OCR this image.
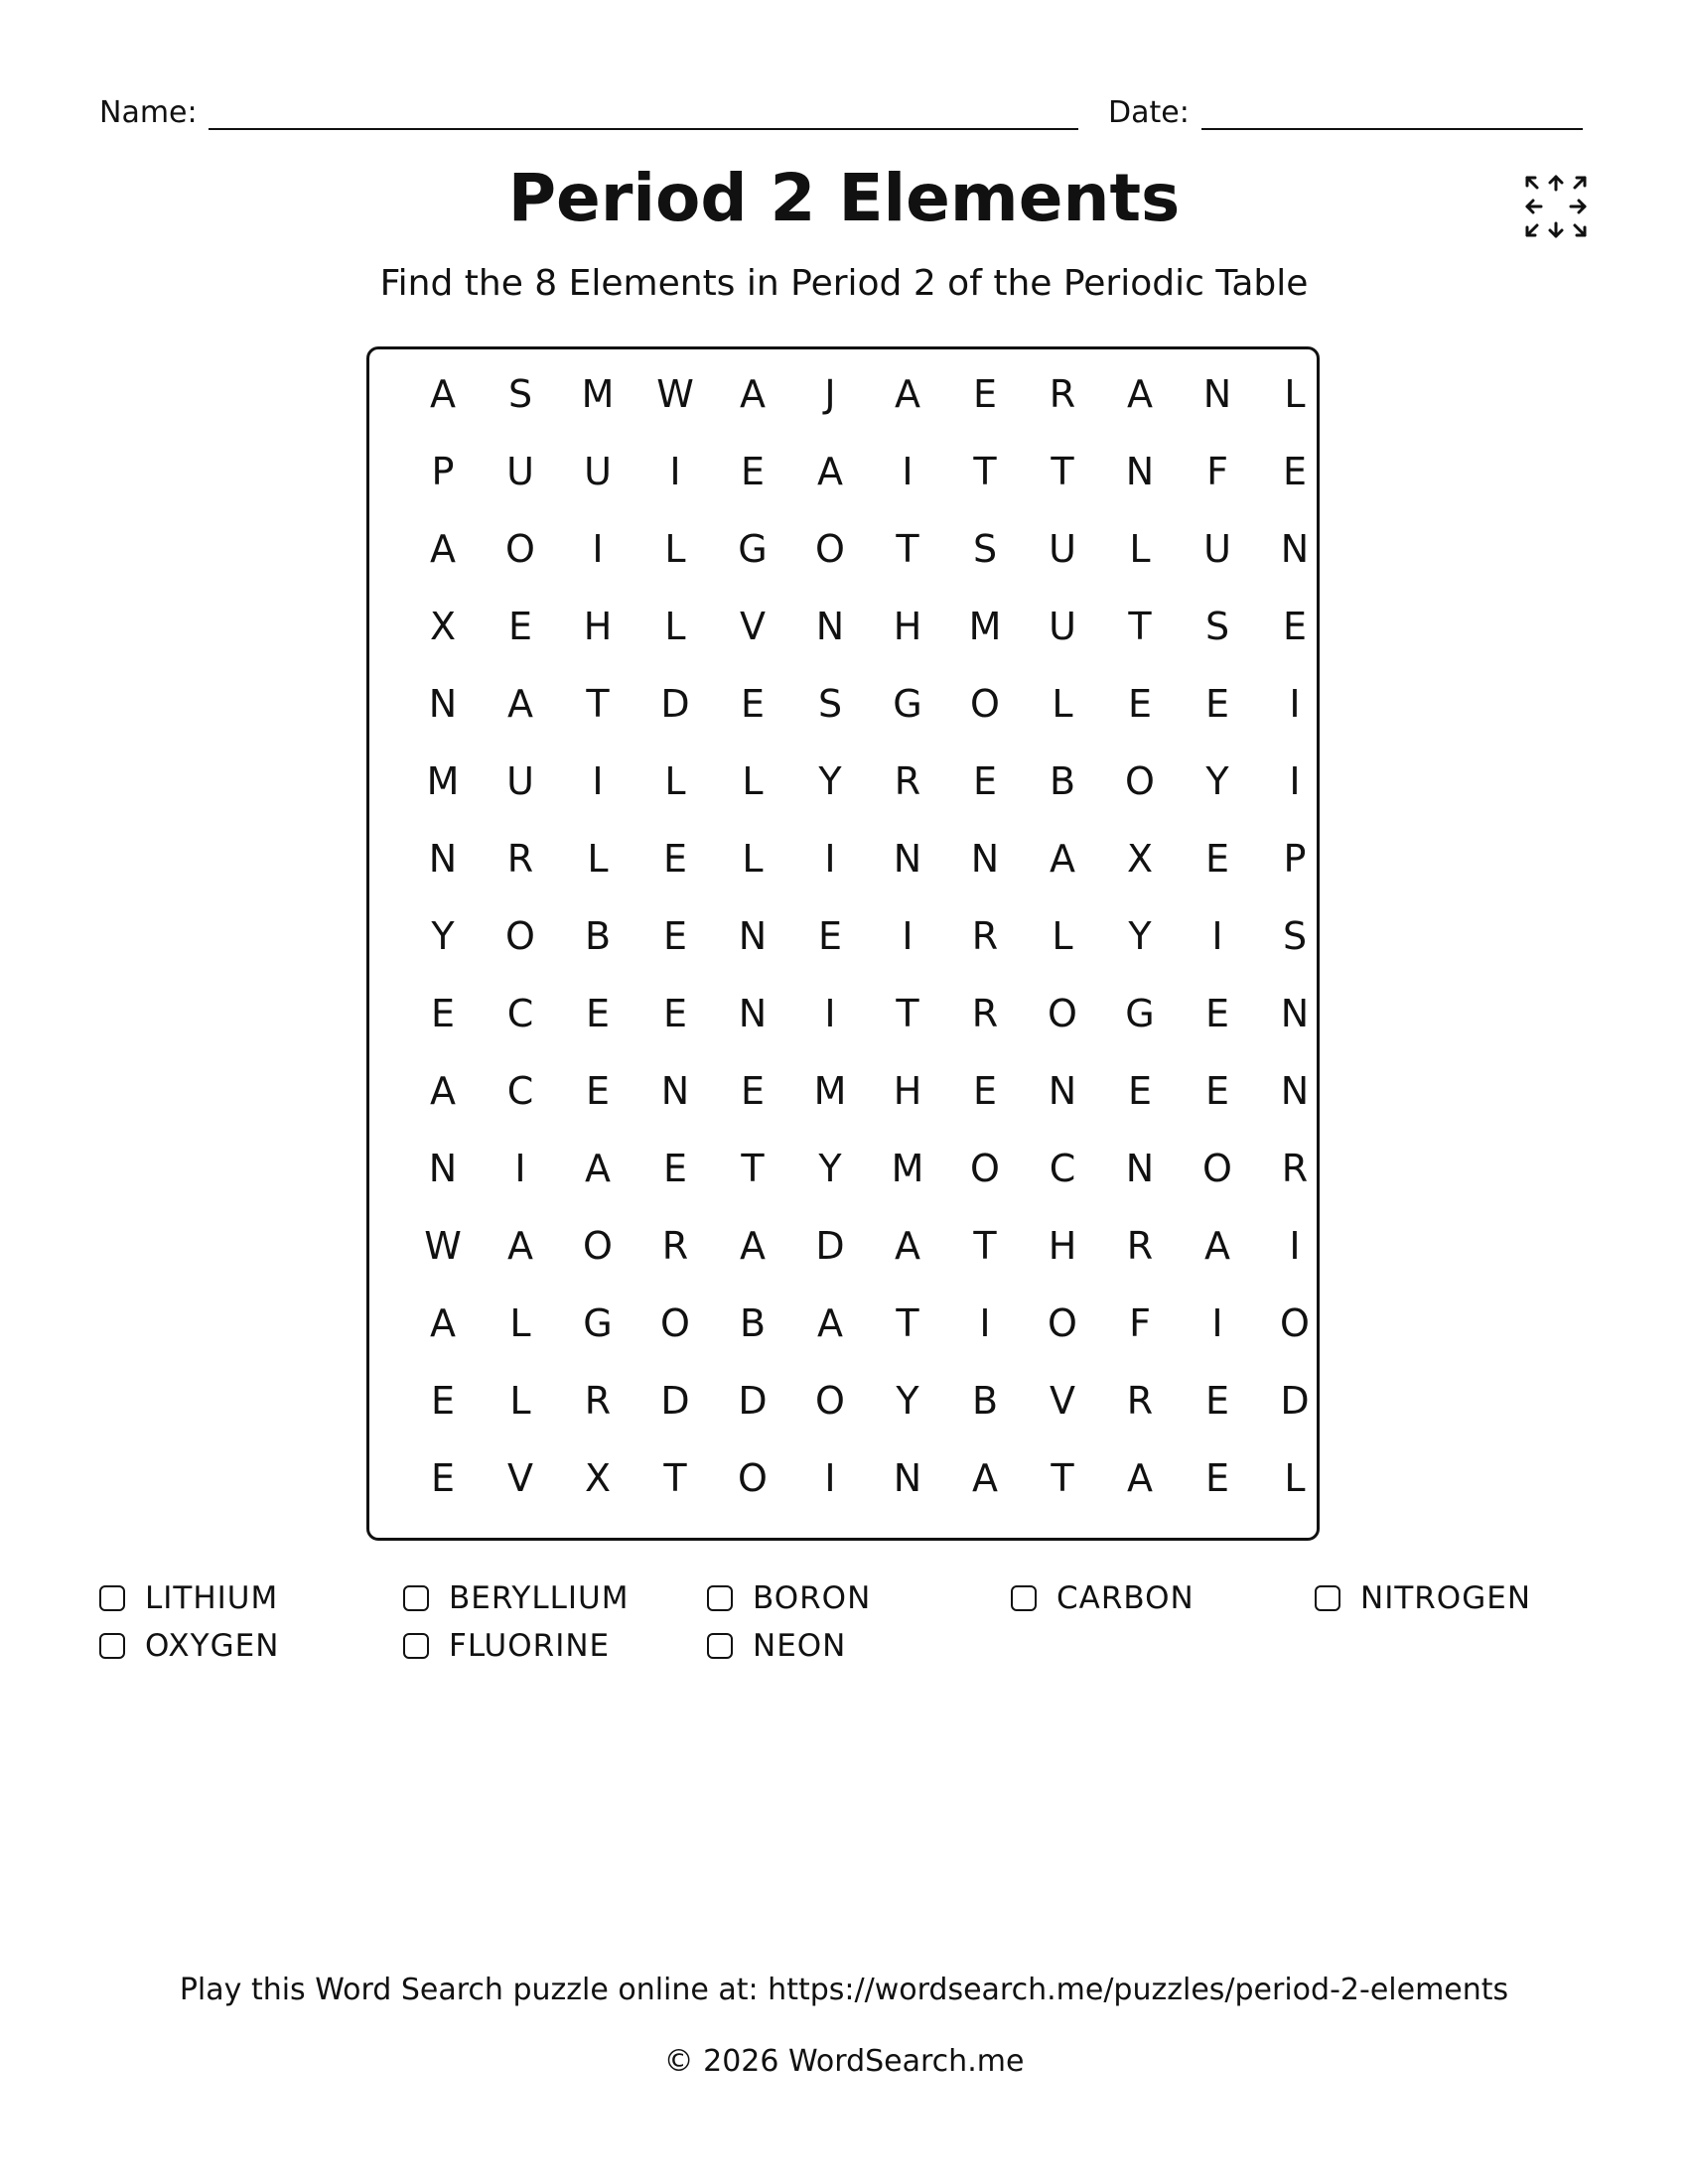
Name:	Date:
Period 2 Elements
Find the 8 Elements in Period 2 of the Periodic Table
A	S	M	W	A	J	A	E	R	A	N	L
P	U	U	I	E	A	I	T	T	N	F	E
A	O	I	L	G	O	T	S	U	L	U	N
X	E	H	L	V	N	H	M	U	T	S	E
N	A	T	D	E	S	G	O	L	E	E	I
M	U	I	L	L	Y	R	E	B	O	Y	I
N	R	L	E	L	I	N	N	A	X	E	P
Y	O	B	E	N	E	I	R	L	Y	I	S
E	C	E	E	N	I	T	R	O	G	E	N
A	C	E	N	E	M	H	E	N	E	E	N
N	I	A	E	T	Y	M	O	C	N	O	R
W	A	O	R	A	D	A	T	H	R	A	I
A	L	G	O	B	A	T	I	O	F	I	O
E	L	R	D	D	O	Y	B	V	R	E	D
E	V	X	T	O	I	N	A	T	A	E	L
LITHIUM	BERYLLIUM	BORON	CARBON	NITROGEN
OXYGEN	FLUORINE	NEON
Play this Word Search puzzle online at: https://wordsearch.me/puzzles/period-2-elements
© 2026 WordSearch.me
